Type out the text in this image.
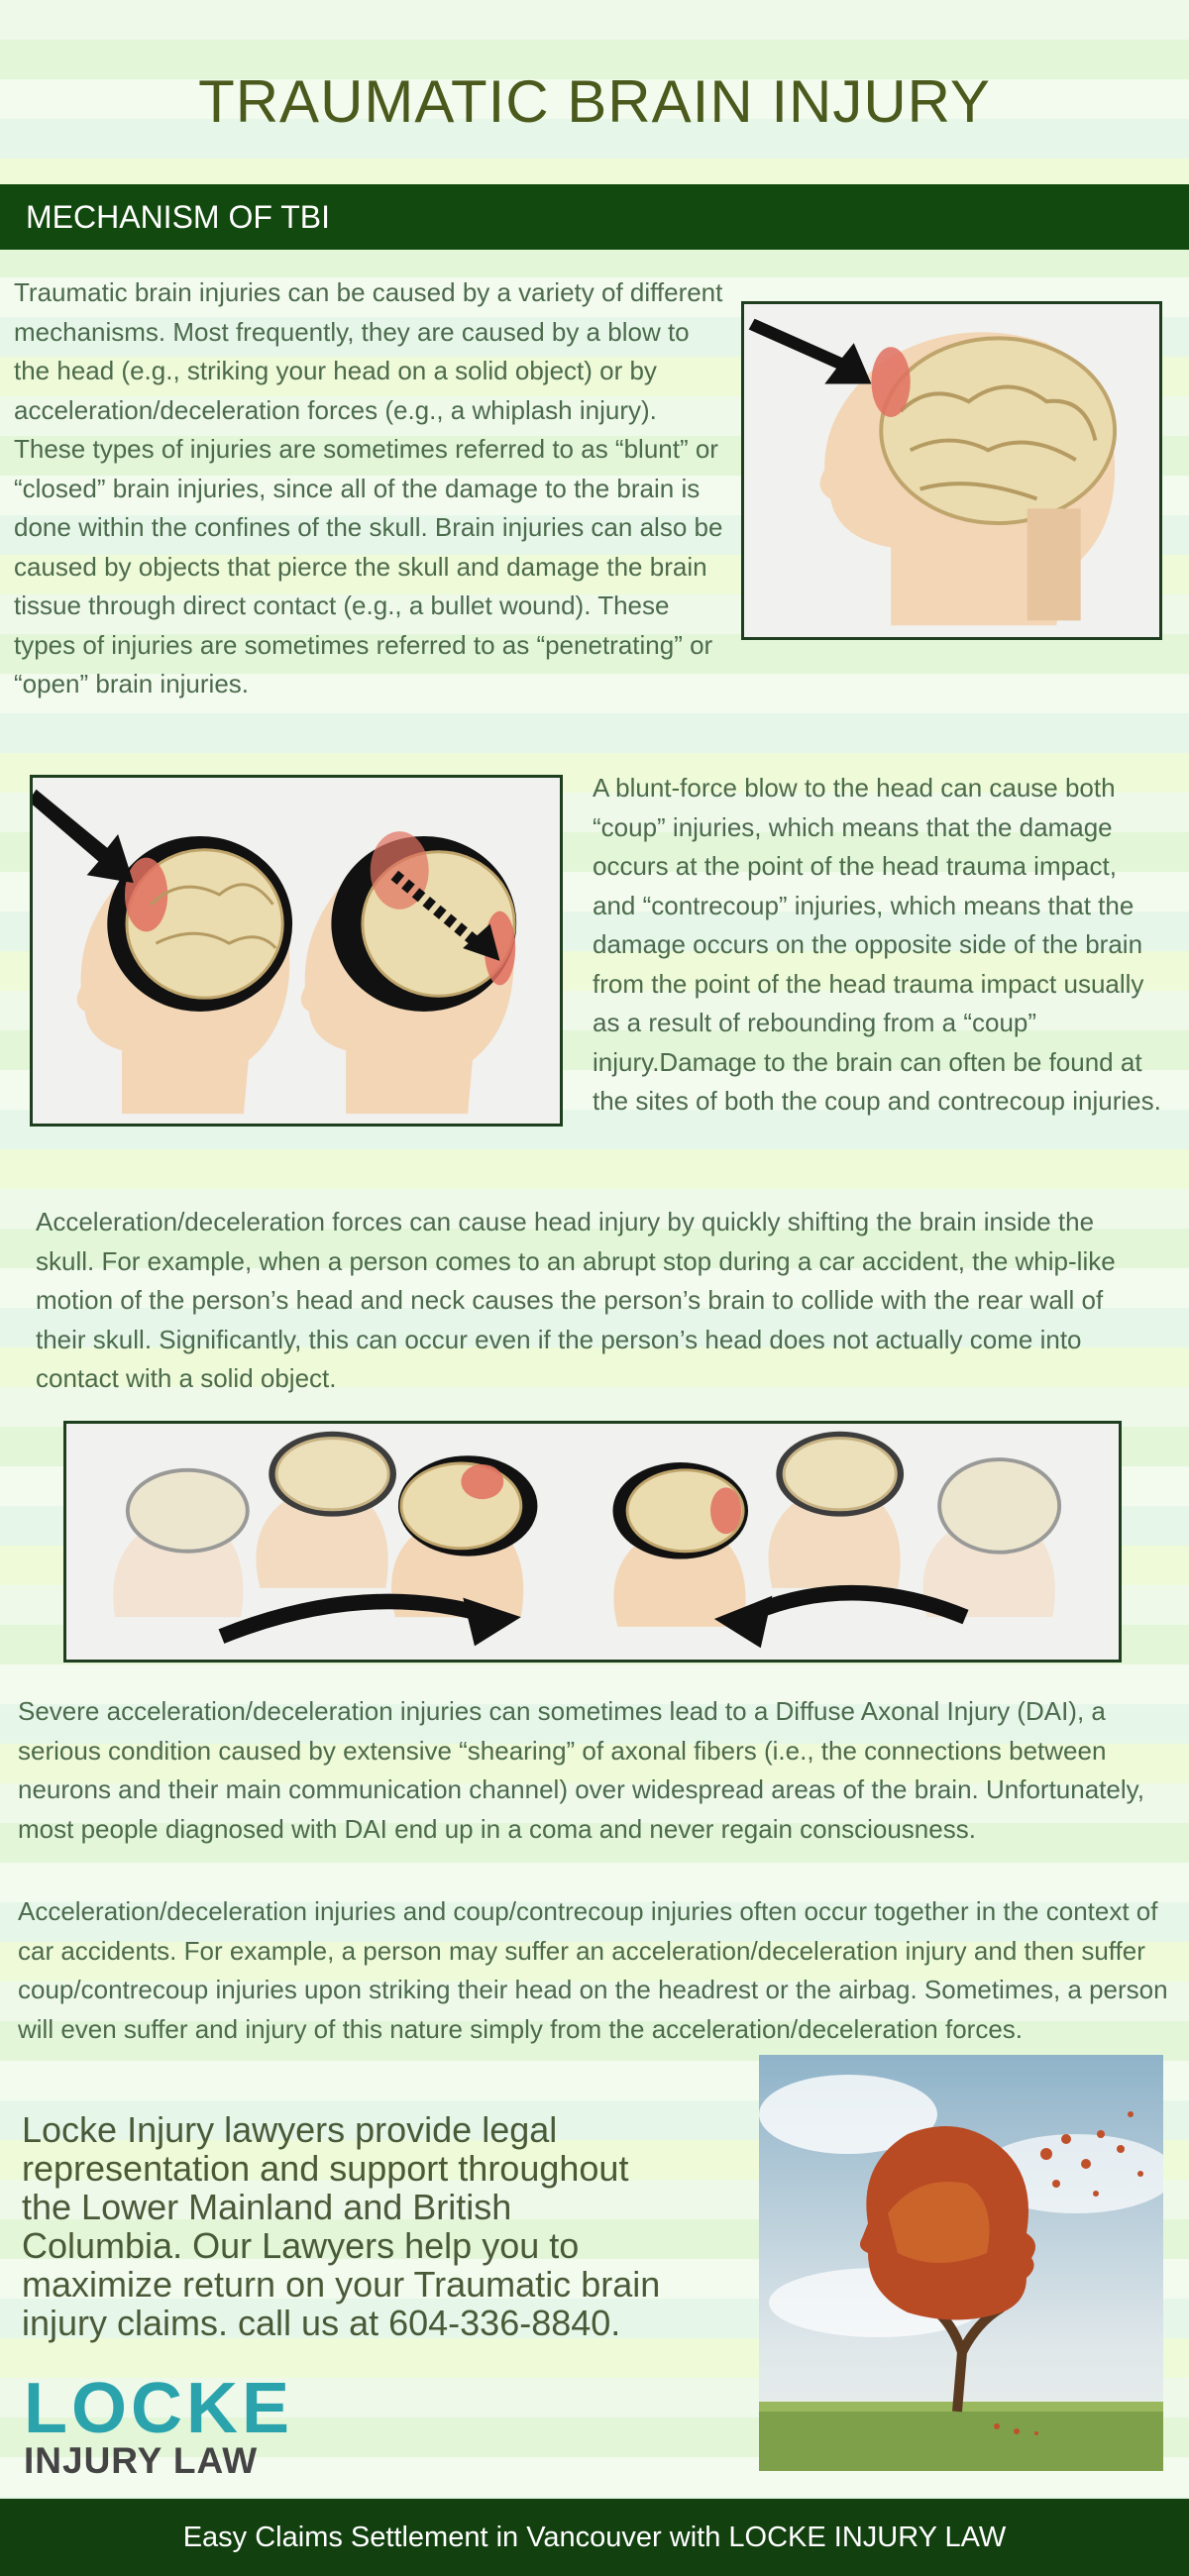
TRAUMATIC BRAIN INJURY
MECHANISM OF TBI

Traumatic brain injuries can be caused by a variety of different mechanisms. Most frequently, they are caused by a blow to the head (e.g., striking your head on a solid object) or by acceleration/deceleration forces (e.g., a whiplash injury). These types of injuries are sometimes referred to as “blunt” or “closed” brain injuries, since all of the damage to the brain is done within the confines of the skull. Brain injuries can also be caused by objects that pierce the skull and damage the brain tissue through direct contact (e.g., a bullet wound). These types of injuries are sometimes referred to as “penetrating” or “open” brain injuries.

A blunt-force blow to the head can cause both “coup” injuries, which means that the damage occurs at the point of the head trauma impact, and “contrecoup” injuries, which means that the damage occurs on the opposite side of the brain from the point of the head trauma impact usually as a result of rebounding from a “coup” injury.Damage to the brain can often be found at the sites of both the coup and contrecoup injuries.

Acceleration/deceleration forces can cause head injury by quickly shifting the brain inside the skull. For example, when a person comes to an abrupt stop during a car accident, the whip-like motion of the person’s head and neck causes the person’s brain to collide with the rear wall of their skull. Significantly, this can occur even if the person’s head does not actually come into contact with a solid object.

Severe acceleration/deceleration injuries can sometimes lead to a Diffuse Axonal Injury (DAI), a serious condition caused by extensive “shearing” of axonal fibers (i.e., the connections between neurons and their main communication channel) over widespread areas of the brain. Unfortunately, most people diagnosed with DAI end up in a coma and never regain consciousness.

Acceleration/deceleration injuries and coup/contrecoup injuries often occur together in the context of car accidents. For example, a person may suffer an acceleration/deceleration injury and then suffer coup/contrecoup injuries upon striking their head on the headrest or the airbag. Sometimes, a person will even suffer and injury of this nature simply from the acceleration/deceleration forces.

Locke Injury lawyers provide legal representation and support throughout the Lower Mainland and British Columbia. Our Lawyers help you to maximize return on your Traumatic brain injury claims. call us at 604-336-8840.

LOCKE
INJURY LAW
Easy Claims Settlement in Vancouver with LOCKE INJURY LAW
